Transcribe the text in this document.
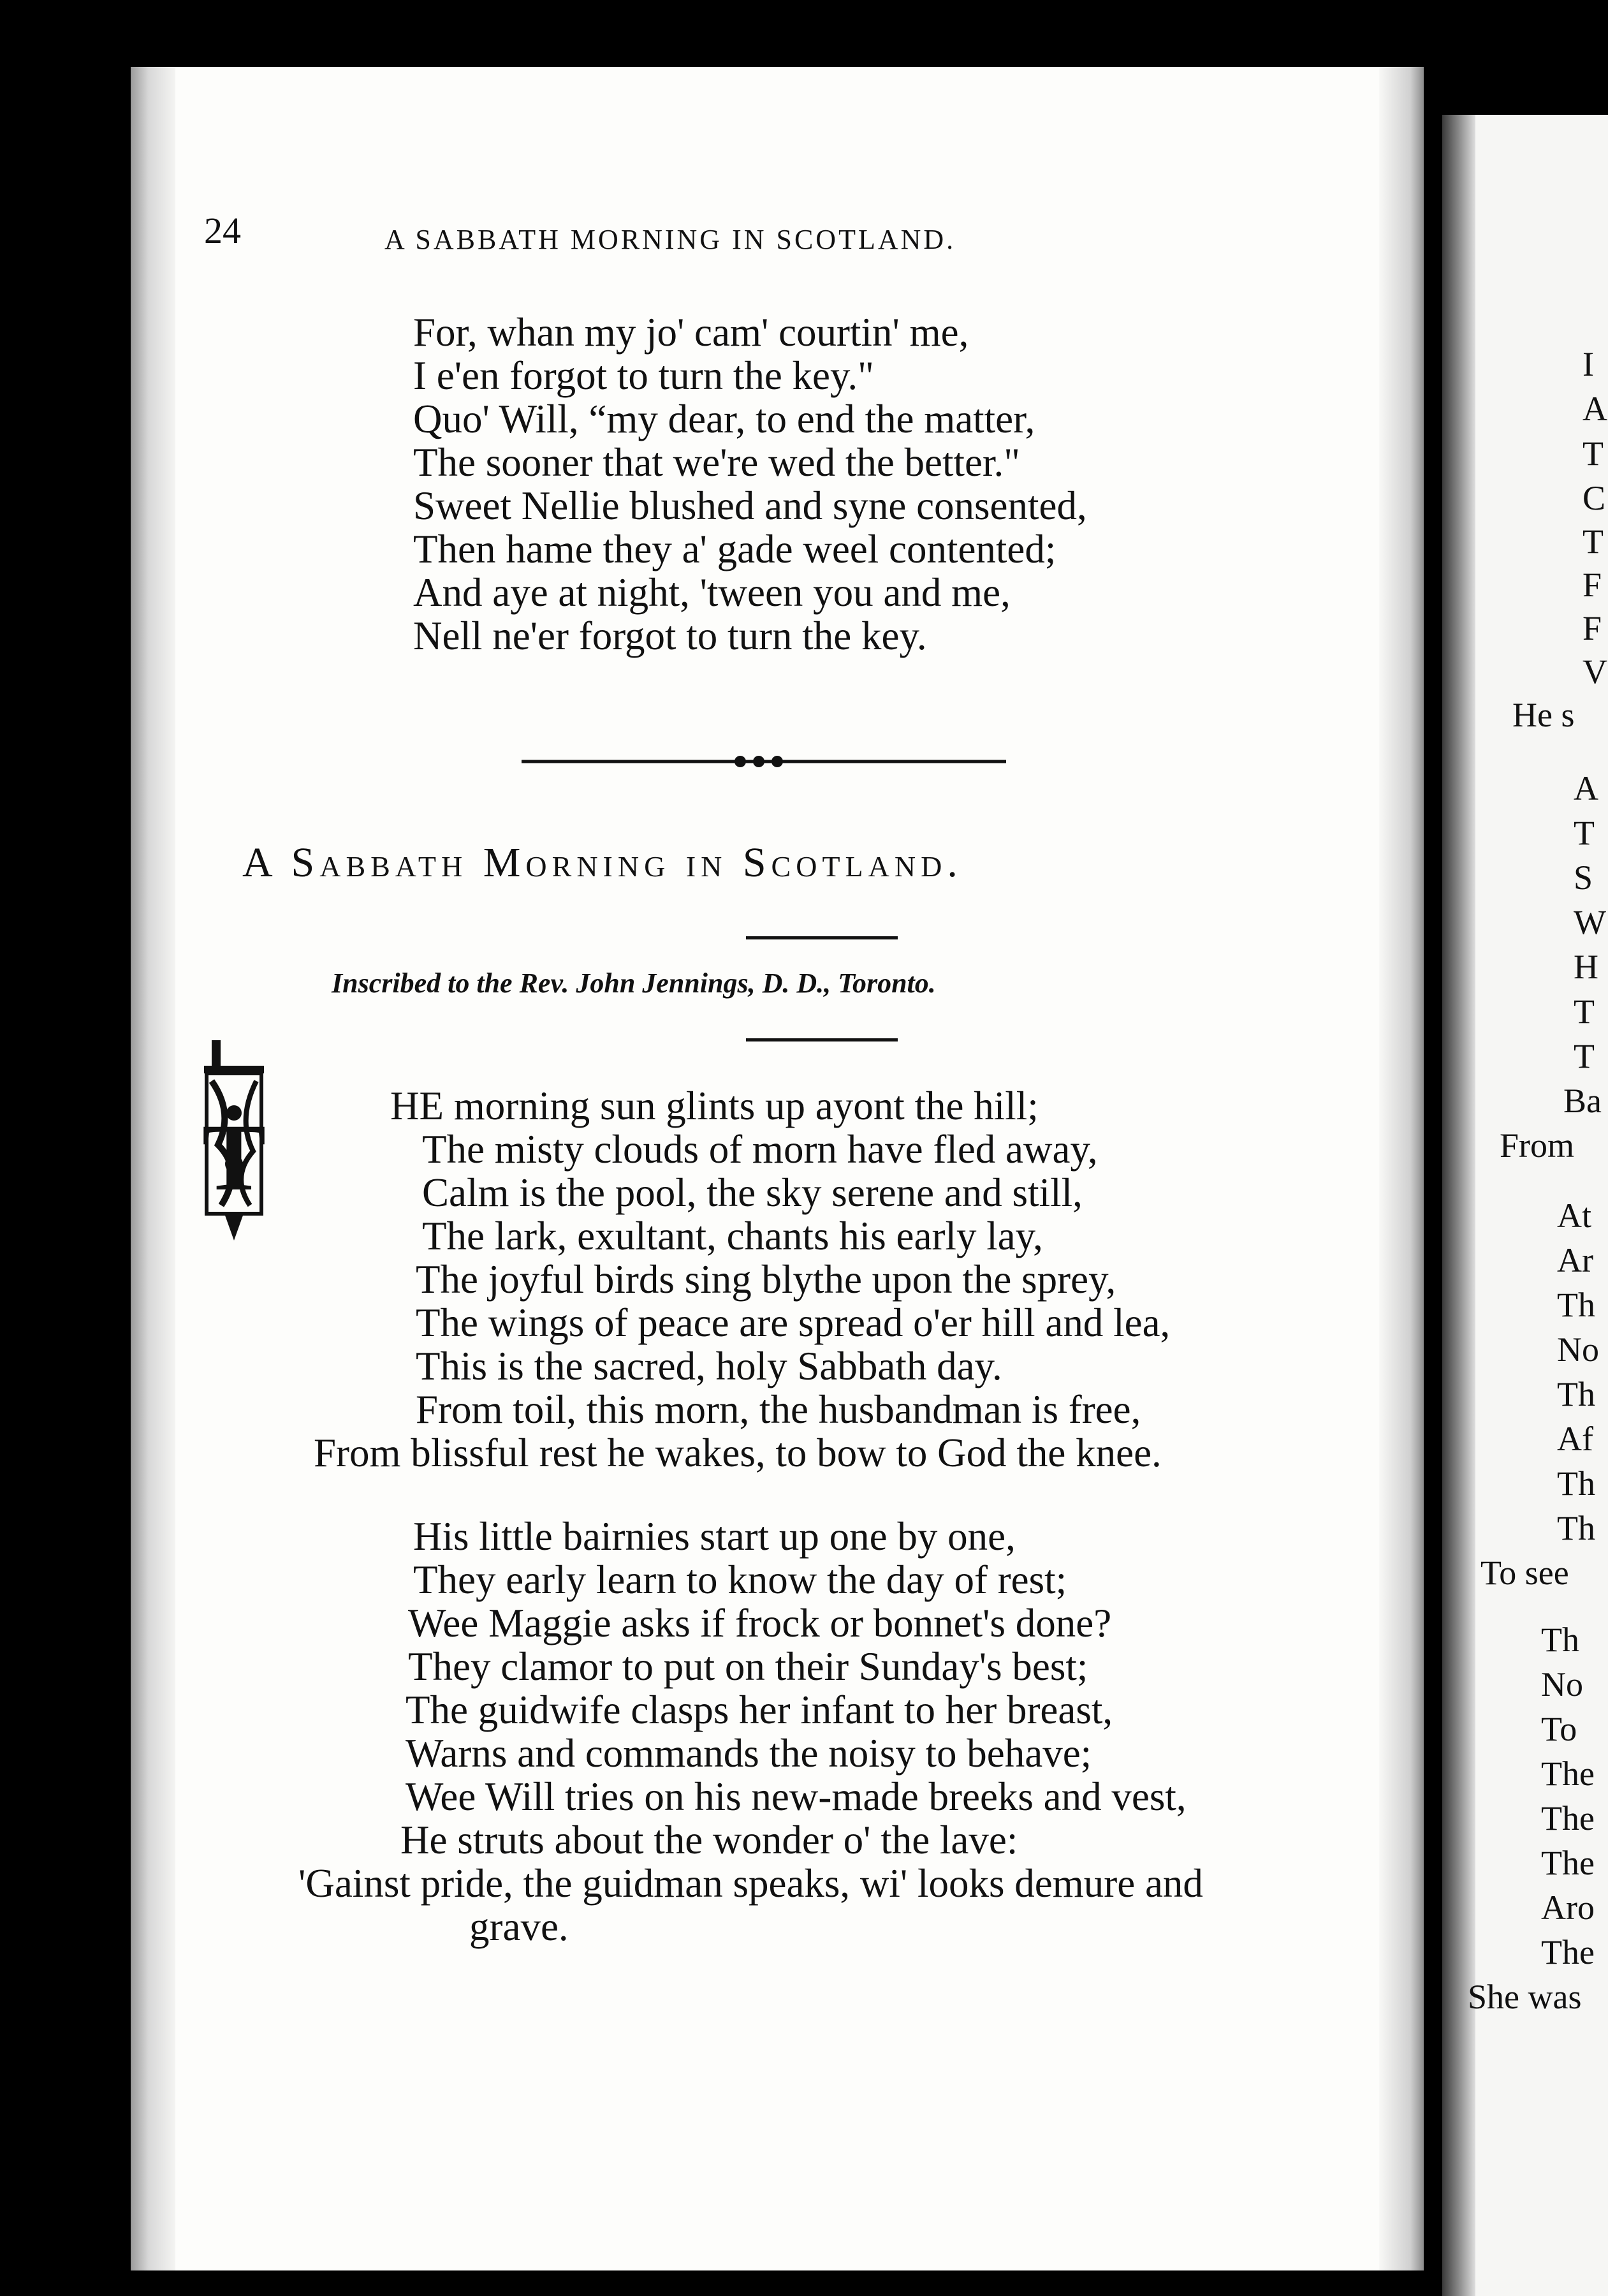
I
A
T
C
T
F
F
V
He s
A
T
S
W
H
T
T
Ba
From
At
Ar
Th
No
Th
Af
Th
Th
To see
Th
No
To
The
The
The
Aro
The
She was
24	A SABBATH MORNING IN SCOTLAND.
For, whan my jo' cam' courtin' me,
I e'en forgot to turn the key."
Quo' Will, “my dear, to end the matter,
The sooner that we're wed the better."
Sweet Nellie blushed and syne consented,
Then hame they a' gade weel contented;
And aye at night, 'tween you and me,
Nell ne'er forgot to turn the key.
A Sabbath Morning in Scotland.
Inscribed to the Rev. John Jennings, D. D., Toronto.
T	HE morning sun glints up ayont the hill;
The misty clouds of morn have fled away,
Calm is the pool, the sky serene and still,
The lark, exultant, chants his early lay,
The joyful birds sing blythe upon the sprey,
The wings of peace are spread o'er hill and lea,
This is the sacred, holy Sabbath day.
From toil, this morn, the husbandman is free,
From blissful rest he wakes, to bow to God the knee.
His little bairnies start up one by one,
They early learn to know the day of rest;
Wee Maggie asks if frock or bonnet's done?
They clamor to put on their Sunday's best;
The guidwife clasps her infant to her breast,
Warns and commands the noisy to behave;
Wee Will tries on his new-made breeks and vest,
He struts about the wonder o' the lave:
'Gainst pride, the guidman speaks, wi' looks demure and
grave.
